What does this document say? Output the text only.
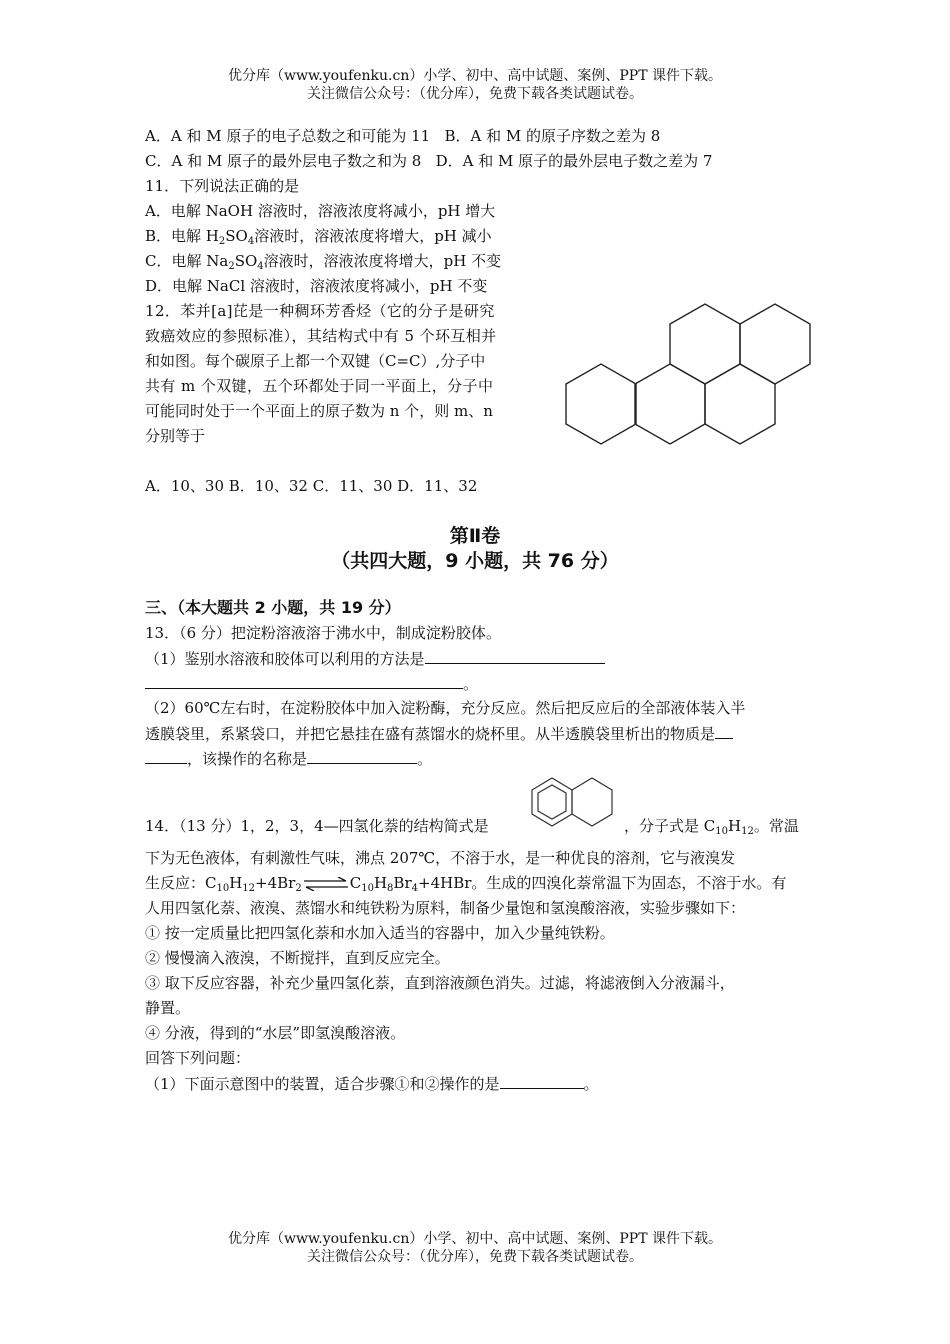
优分库（www.youfenku.cn）小学、初中、高中试题、案例、PPT 课件下载。
关注微信公众号：（优分库），免费下载各类试题试卷。
A．A 和 M 原子的电子总数之和可能为 11 B．A 和 M 的原子序数之差为 8
C．A 和 M 原子的最外层电子数之和为 8 D．A 和 M 原子的最外层电子数之差为 7
11．下列说法正确的是
A．电解 NaOH 溶液时，溶液浓度将减小，pH 增大
B．电解 $H_2SO_4$溶液时，溶液浓度将增大，pH 减小
C．电解 $Na_2SO_4$溶液时，溶液浓度将增大，pH 不变
D．电解 NaCl 溶液时，溶液浓度将减小，pH 不变
12．苯并[a]芘是一种稠环芳香烃（它的分子是研究
致癌效应的参照标准），其结构式中有 5 个环互相并
和如图。每个碳原子上都一个双键（C=C）,分子中
共有 m 个双键，五个环都处于同一平面上，分子中
可能同时处于一个平面上的原子数为 n 个，则 m、n
分别等于
A．10、30 B．10、32 C．11、30 D．11、32
第Ⅱ卷
（共四大题，9 小题，共 76 分）
三、（本大题共 2 小题，共 19 分）
13．（6 分）把淀粉溶液溶于沸水中，制成淀粉胶体。
（1）鉴别水溶液和胶体可以利用的方法是
。
（2）60℃左右时，在淀粉胶体中加入淀粉酶，充分反应。然后把反应后的全部液体装入半
透膜袋里，系紧袋口，并把它悬挂在盛有蒸馏水的烧杯里。从半透膜袋里析出的物质是
，该操作的名称是	。
14．（13 分）1，2，3，4—四氢化萘的结构简式是	，分子式是 $C_{10}H_{12}$。常温
下为无色液体，有刺激性气味，沸点 207℃，不溶于水，是一种优良的溶剂，它与液溴发
生反应：$C_{10}H_{12}+4Br_2\rightleftharpoons C_{10}H_8Br_4+4HBr$。生成的四溴化萘常温下为固态，不溶于水。有
人用四氢化萘、液溴、蒸馏水和纯铁粉为原料，制备少量饱和氢溴酸溶液，实验步骤如下：
① 按一定质量比把四氢化萘和水加入适当的容器中，加入少量纯铁粉。
② 慢慢滴入液溴，不断搅拌，直到反应完全。
③ 取下反应容器，补充少量四氢化萘，直到溶液颜色消失。过滤，将滤液倒入分液漏斗，
静置。
④ 分液，得到的“水层”即氢溴酸溶液。
回答下列问题：
（1）下面示意图中的装置，适合步骤①和②操作的是	。
优分库（www.youfenku.cn）小学、初中、高中试题、案例、PPT 课件下载。
关注微信公众号：（优分库），免费下载各类试题试卷。
